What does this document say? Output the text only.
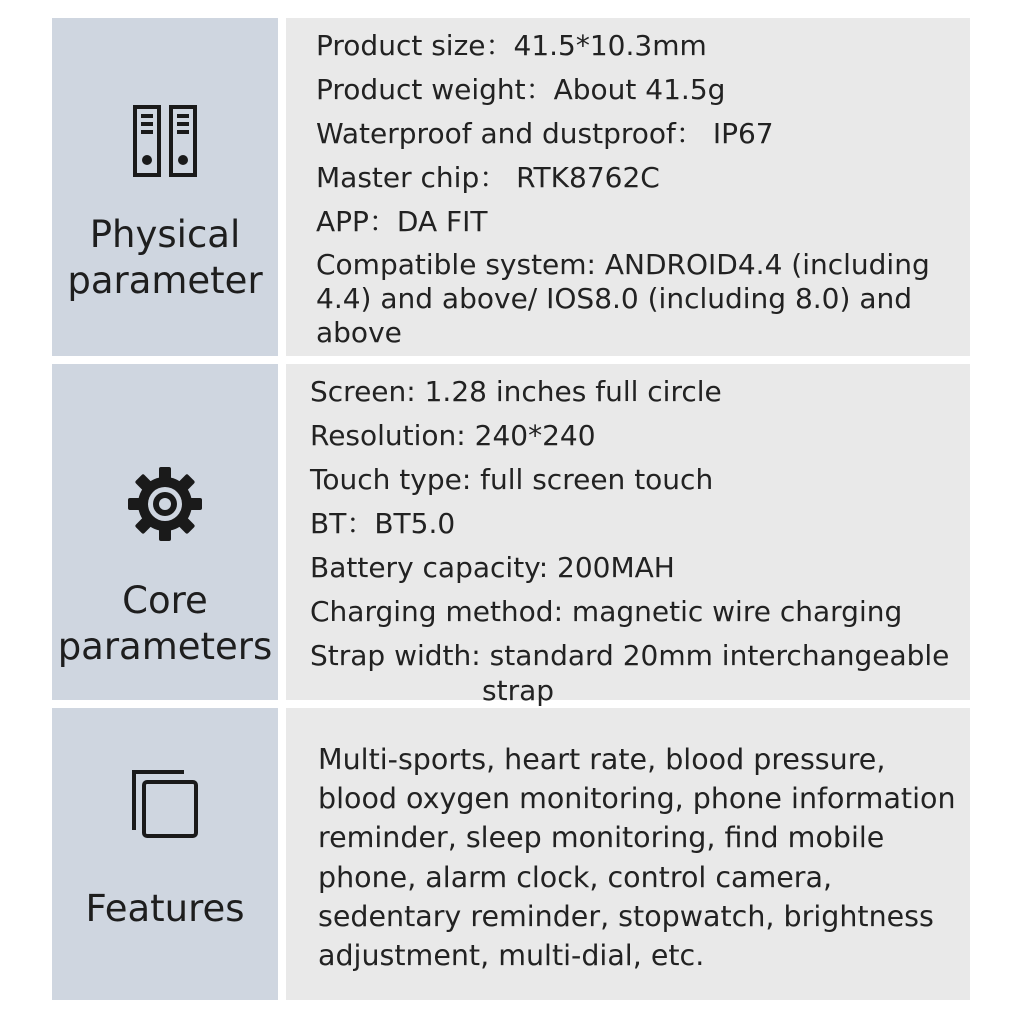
Physical
parameter
Product size：41.5*10.3mm
Product weight：About 41.5g
Waterproof and dustproof： IP67
Master chip： RTK8762C
APP：DA FIT
Compatible system: ANDROID4.4 (including 4.4) and above/ IOS8.0 (including 8.0) and above
Core
parameters
Screen: 1.28 inches full circle
Resolution: 240*240
Touch type: full screen touch
BT：BT5.0
Battery capacity: 200MAH
Charging method: magnetic wire charging
Strap width: standard 20mm interchangeable
strap
Features

Multi-sports, heart rate, blood pressure, blood oxygen monitoring, phone information reminder, sleep monitoring, find mobile phone, alarm clock, control camera, sedentary reminder, stopwatch, brightness adjustment, multi-dial, etc.
